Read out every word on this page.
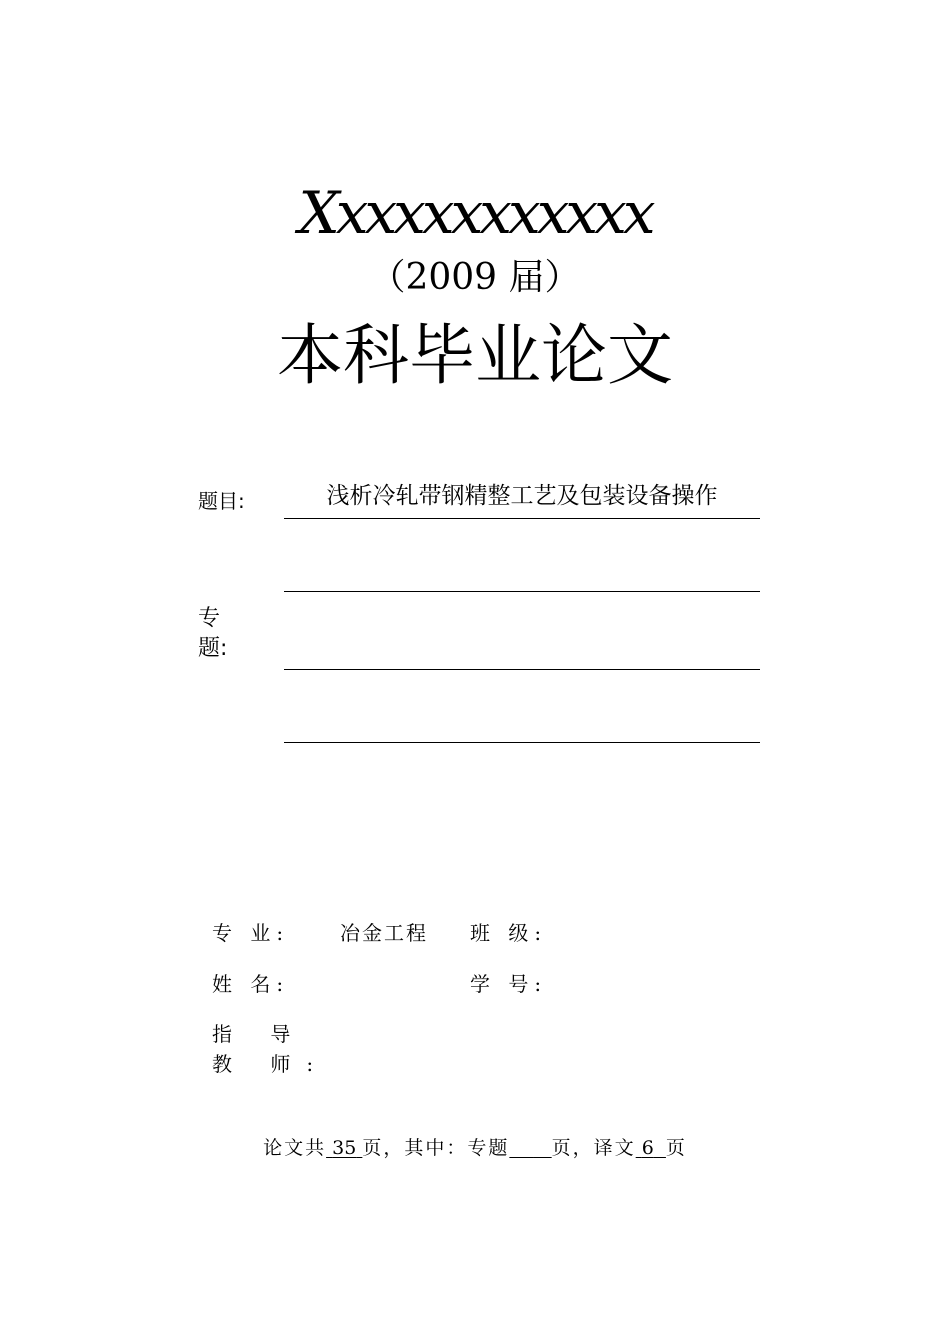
Xxxxxxxxxxxx
（2009 届）
本科毕业论文
题目:	浅析冷轧带钢精整工艺及包装设备操作
专题:
专 业:	冶金工程 班 级:
姓 名:	学 号:
指 导 教 师:
论文共 35 页，其中：专题 页，译文 6 页
